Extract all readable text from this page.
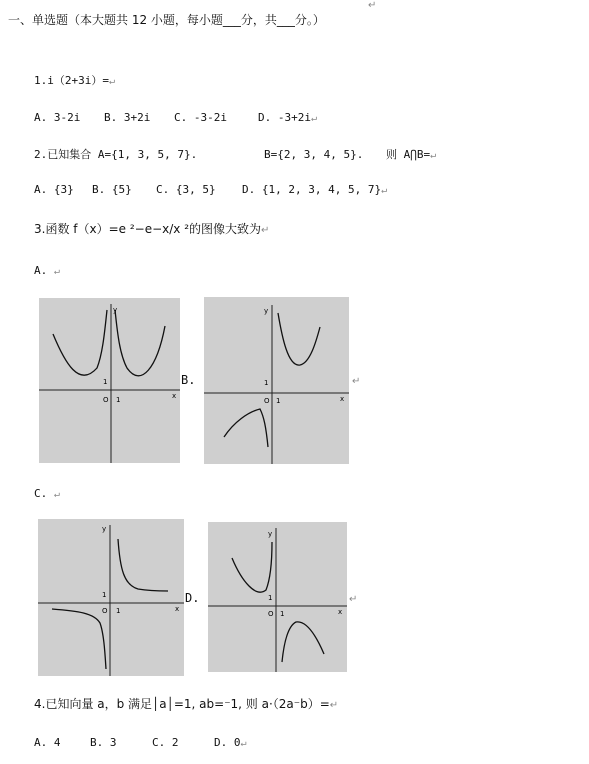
一、单选题（本大题共 12 小题，每小题___分，共___分。）
↵
1.i（2+3i）=↵
A. 3-2i B. 3+2i C. -3-2i	D. -3+2i↵
2.已知集合 A={1, 3, 5, 7}.	B={2, 3, 4, 5}. 则 A⋂B=↵
A. {3} B. {5} C. {3, 5} D. {1, 2, 3, 4, 5, 7}↵
3.函数 f（x）=e ²−e−x/x ²的图像大致为↵
A. ↵
O 1
1
y
x
B.
O 1
1
y
x
↵
C. ↵
O 1
1
y
x
D.
O 1
1
y
x
↵
4.已知向量 a，b 满足│a│=1, ab=⁻1, 则 a·（2a⁻b）=↵
A. 4	B. 3	C. 2	D. 0↵
